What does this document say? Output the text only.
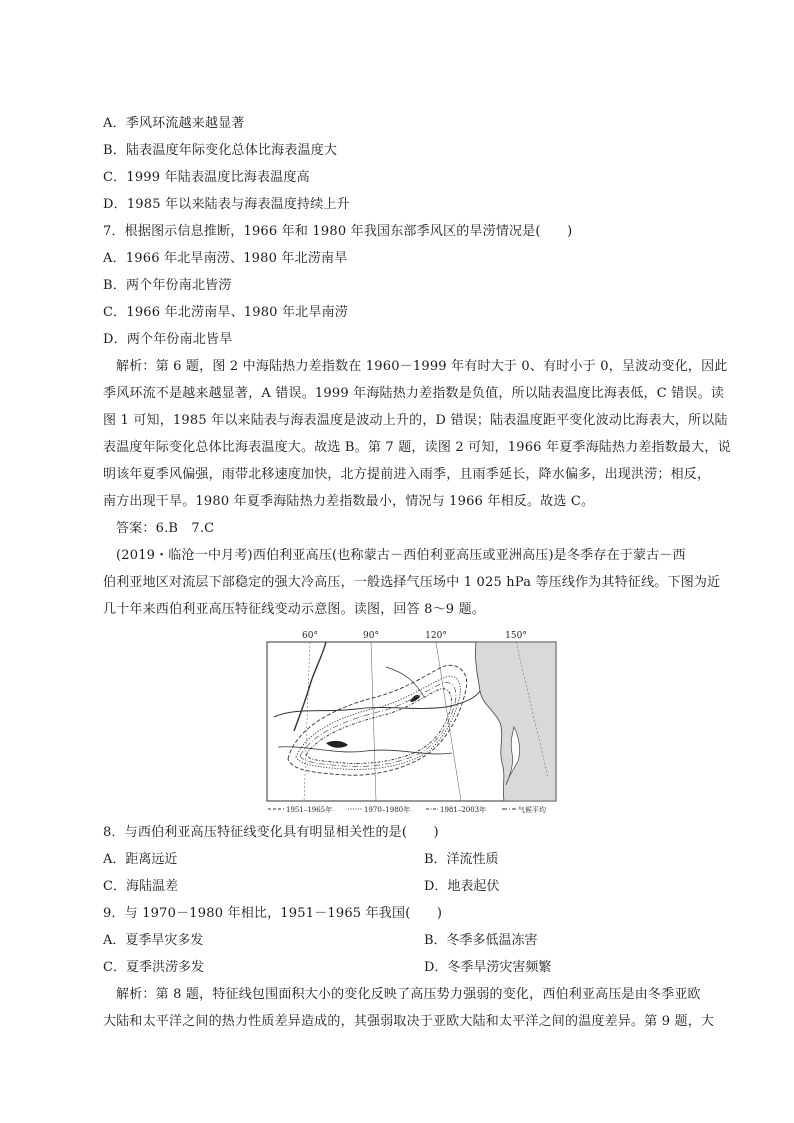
A．季风环流越来越显著
B．陆表温度年际变化总体比海表温度大
C．1999 年陆表温度比海表温度高
D．1985 年以来陆表与海表温度持续上升
7．根据图示信息推断，1966 年和 1980 年我国东部季风区的旱涝情况是(　　)
A．1966 年北旱南涝、1980 年北涝南旱
B．两个年份南北皆涝
C．1966 年北涝南旱、1980 年北旱南涝
D．两个年份南北皆旱
解析：第 6 题，图 2 中海陆热力差指数在 1960－1999 年有时大于 0、有时小于 0，呈波动变化，因此
季风环流不是越来越显著，A 错误。1999 年海陆热力差指数是负值，所以陆表温度比海表低，C 错误。读
图 1 可知，1985 年以来陆表与海表温度是波动上升的，D 错误；陆表温度距平变化波动比海表大，所以陆
表温度年际变化总体比海表温度大。故选 B。第 7 题，读图 2 可知，1966 年夏季海陆热力差指数最大，说
明该年夏季风偏强，雨带北移速度加快，北方提前进入雨季，且雨季延长，降水偏多，出现洪涝；相反，
南方出现干旱。1980 年夏季海陆热力差指数最小，情况与 1966 年相反。故选 C。
答案：6.B　7.C
(2019・临沧一中月考)西伯利亚高压(也称蒙古－西伯利亚高压或亚洲高压)是冬季存在于蒙古－西
伯利亚地区对流层下部稳定的强大冷高压，一般选择气压场中 1 025 hPa 等压线作为其特征线。下图为近
几十年来西伯利亚高压特征线变动示意图。读图，回答 8～9 题。
60°	90°	120°	150°
1951–1965年	1970–1980年	1981–2003年	气候平均
8．与西伯利亚高压特征线变化具有明显相关性的是(　　)
A．距离远近	B．洋流性质
C．海陆温差	D．地表起伏
9．与 1970－1980 年相比，1951－1965 年我国(　　)
A．夏季旱灾多发	B．冬季多低温冻害
C．夏季洪涝多发	D．冬季旱涝灾害频繁
解析：第 8 题，特征线包围面积大小的变化反映了高压势力强弱的变化，西伯利亚高压是由冬季亚欧
大陆和太平洋之间的热力性质差异造成的，其强弱取决于亚欧大陆和太平洋之间的温度差异。第 9 题，大
